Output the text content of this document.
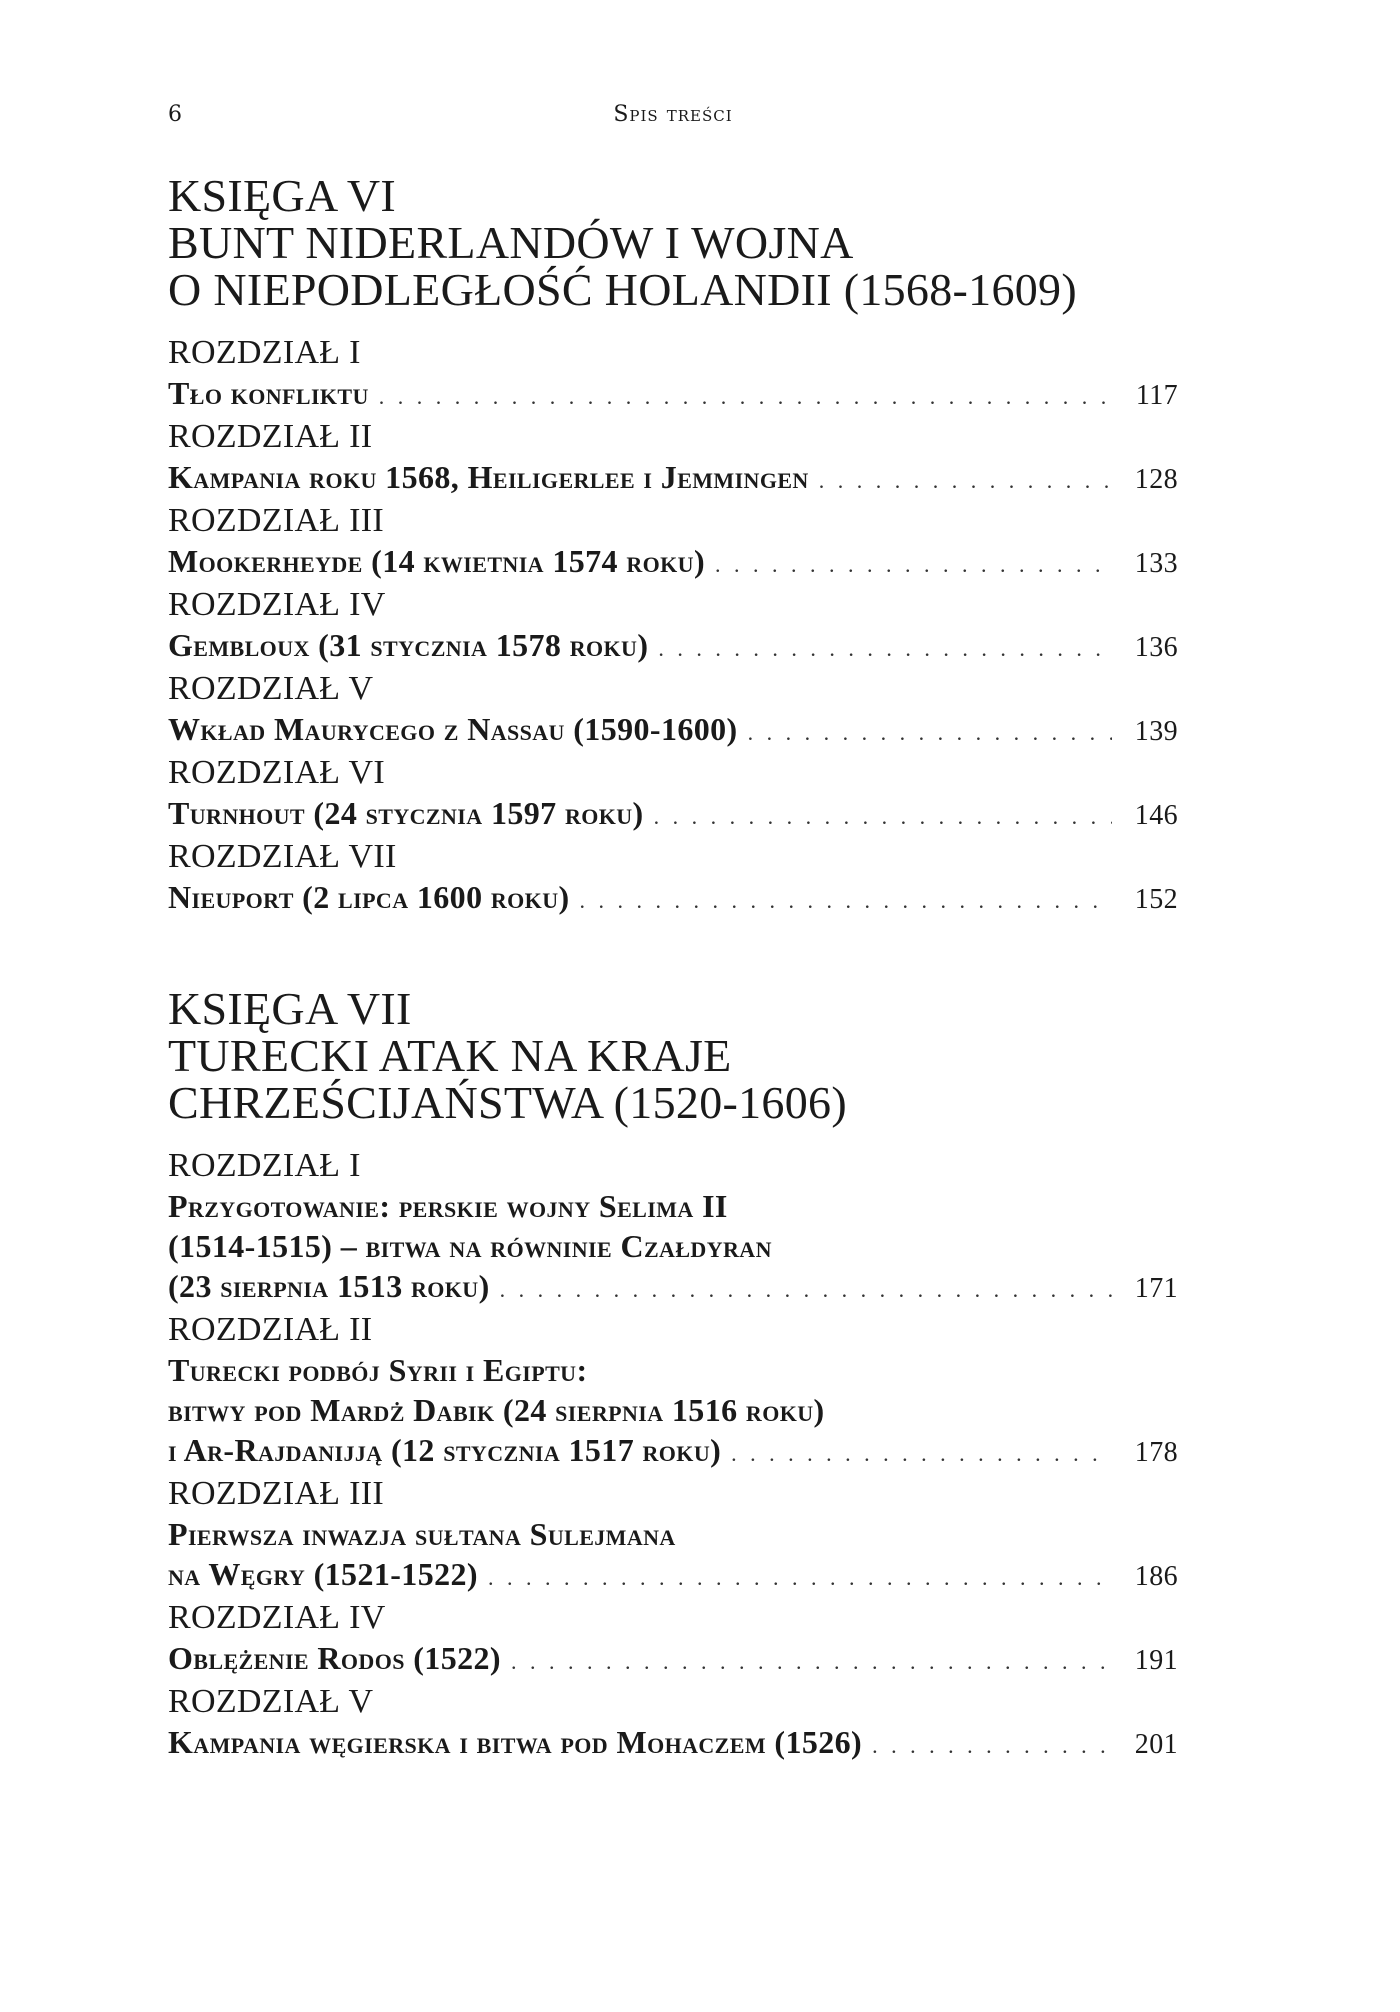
6	Spis treści
KSIĘGA VI
BUNT NIDERLANDÓW I WOJNA
O NIEPODLEGŁOŚĆ HOLANDII (1568-1609)
ROZDZIAŁ I
Tło konfliktu . . .	117
ROZDZIAŁ II
Kampania roku 1568, Heiligerlee i Jemmingen . . .	128
ROZDZIAŁ III
Mookerheyde (14 kwietnia 1574 roku) . . .	133
ROZDZIAŁ IV
Gembloux (31 stycznia 1578 roku) . . .	136
ROZDZIAŁ V
Wkład Maurycego z Nassau (1590-1600) . . .	139
ROZDZIAŁ VI
Turnhout (24 stycznia 1597 roku) . . .	146
ROZDZIAŁ VII
Nieuport (2 lipca 1600 roku) . . .	152
KSIĘGA VII
TURECKI ATAK NA KRAJE
CHRZEŚCIJAŃSTWA (1520-1606)
ROZDZIAŁ I
Przygotowanie: perskie wojny Selima II
(1514-1515) – bitwa na równinie Czałdyran
(23 sierpnia 1513 roku) . . .	171
ROZDZIAŁ II
Turecki podbój Syrii i Egiptu:
bitwy pod Mardż Dabik (24 sierpnia 1516 roku)
i Ar-Rajdanijją (12 stycznia 1517 roku) . . .	178
ROZDZIAŁ III
Pierwsza inwazja sułtana Sulejmana
na Węgry (1521-1522) . . .	186
ROZDZIAŁ IV
Oblężenie Rodos (1522) . . .	191
ROZDZIAŁ V
Kampania węgierska i bitwa pod Mohaczem (1526) . . .	201
